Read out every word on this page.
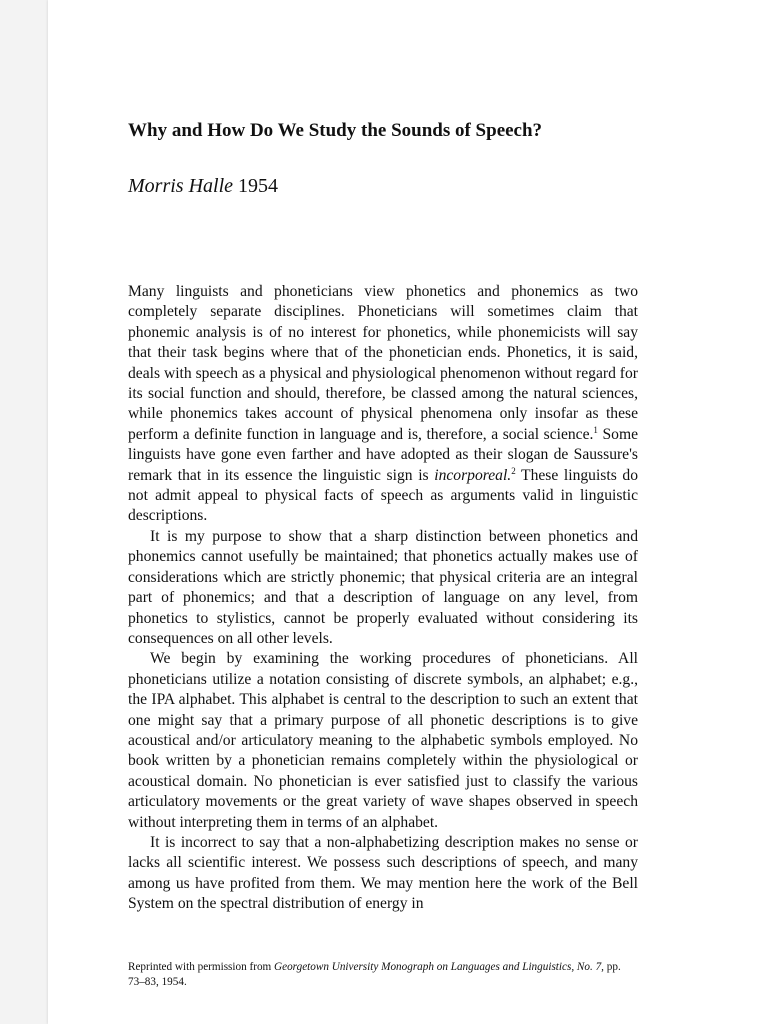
Why and How Do We Study the Sounds of Speech?

Morris Halle 1954

Many linguists and phoneticians view phonetics and phonemics as two completely separate disciplines. Phoneticians will sometimes claim that phonemic analysis is of no interest for phonetics, while phonemicists will say that their task begins where that of the phonetician ends. Phonetics, it is said, deals with speech as a physical and physiological phenomenon without regard for its social function and should, therefore, be classed among the natural sciences, while phonemics takes account of physical phenomena only insofar as these perform a definite function in language and is, therefore, a social science.$^1$ Some linguists have gone even farther and have adopted as their slogan de Saussure's remark that in its essence the linguistic sign is incorporeal.$^2$ These linguists do not admit appeal to physical facts of speech as arguments valid in linguistic descriptions.

It is my purpose to show that a sharp distinction between phonetics and phonemics cannot usefully be maintained; that phonetics actually makes use of considerations which are strictly phonemic; that physical criteria are an integral part of phonemics; and that a description of language on any level, from phonetics to stylistics, cannot be properly evaluated without considering its consequences on all other levels.

We begin by examining the working procedures of phoneticians. All phoneticians utilize a notation consisting of discrete symbols, an alphabet; e.g., the IPA alphabet. This alphabet is central to the description to such an extent that one might say that a primary purpose of all phonetic descriptions is to give acoustical and/or articulatory meaning to the alphabetic symbols employed. No book written by a phonetician remains completely within the physiological or acoustical domain. No phonetician is ever satisfied just to classify the various articulatory movements or the great variety of wave shapes observed in speech without interpreting them in terms of an alphabet.

It is incorrect to say that a non-alphabetizing description makes no sense or lacks all scientific interest. We possess such descriptions of speech, and many among us have profited from them. We may mention here the work of the Bell System on the spectral distribution of energy in

Reprinted with permission from Georgetown University Monograph on Languages and Linguistics, No. 7, pp. 73–83, 1954.
